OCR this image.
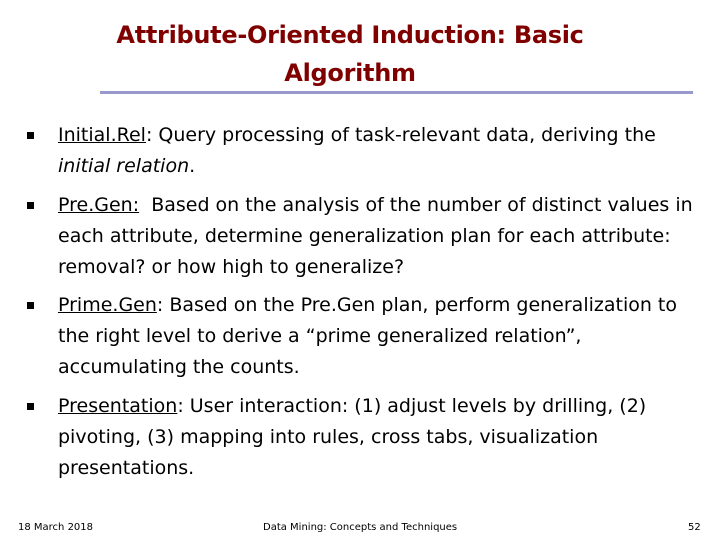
Attribute-Oriented Induction: Basic
Algorithm
Initial.Rel: Query processing of task-relevant data, deriving the initial relation.
Pre.Gen:  Based on the analysis of the number of distinct values in each attribute, determine generalization plan for each attribute: removal? or how high to generalize?
Prime.Gen: Based on the Pre.Gen plan, perform generalization to the right level to derive a “prime generalized relation”, accumulating the counts.
Presentation: User interaction: (1) adjust levels by drilling, (2) pivoting, (3) mapping into rules, cross tabs, visualization presentations.
18 March 2018	Data Mining: Concepts and Techniques	52
